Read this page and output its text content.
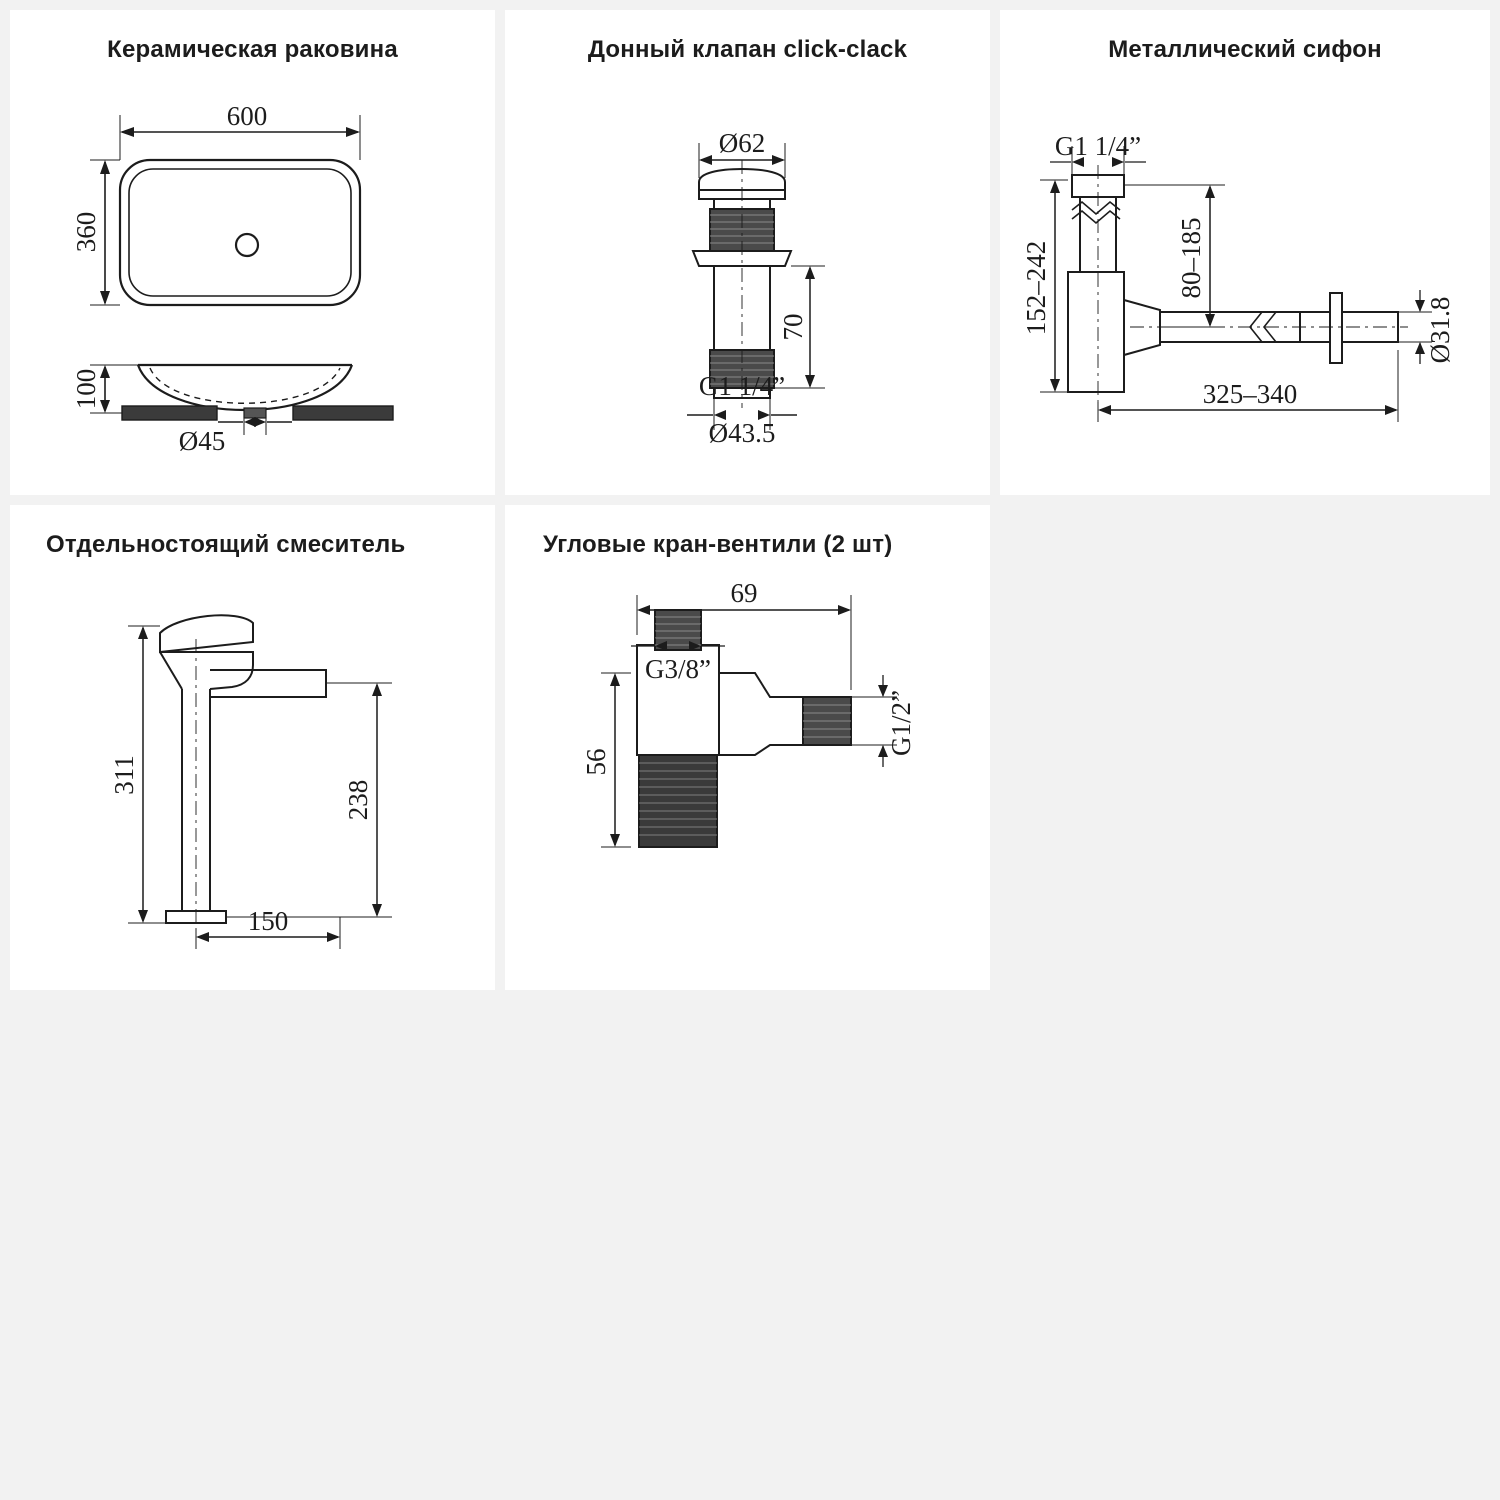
Керамическая раковина
600
360
100
Ø45
Донный клапан click-clack
Ø62
70
G1 1/4”
Ø43.5
Металлический сифон
G1 1/4”
152–242	80–185
Ø31.8
325–340
Отдельностоящий смеситель
311
238
150
Угловые кран-вентили (2 шт)
69
G3/8”
56
G1/2”
